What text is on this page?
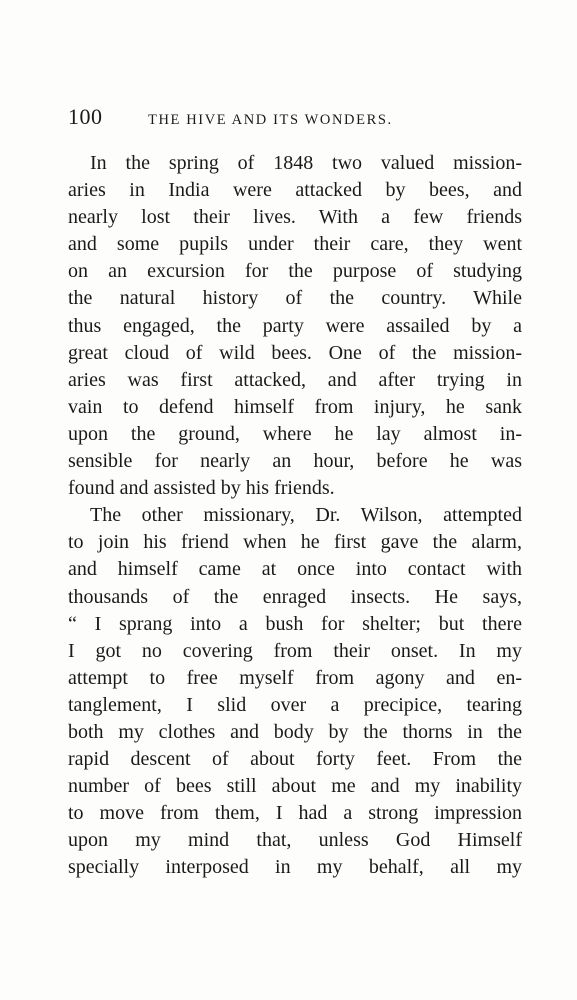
100	THE HIVE AND ITS WONDERS.
In the spring of 1848 two valued mission-
aries in India were attacked by bees, and
nearly lost their lives. With a few friends
and some pupils under their care, they went
on an excursion for the purpose of studying
the natural history of the country. While
thus engaged, the party were assailed by a
great cloud of wild bees. One of the mission-
aries was first attacked, and after trying in
vain to defend himself from injury, he sank
upon the ground, where he lay almost in-
sensible for nearly an hour, before he was
found and assisted by his friends.
The other missionary, Dr. Wilson, attempted
to join his friend when he first gave the alarm,
and himself came at once into contact with
thousands of the enraged insects. He says,
“ I sprang into a bush for shelter; but there
I got no covering from their onset. In my
attempt to free myself from agony and en-
tanglement, I slid over a precipice, tearing
both my clothes and body by the thorns in the
rapid descent of about forty feet. From the
number of bees still about me and my inability
to move from them, I had a strong impression
upon my mind that, unless God Himself
specially interposed in my behalf, all my
